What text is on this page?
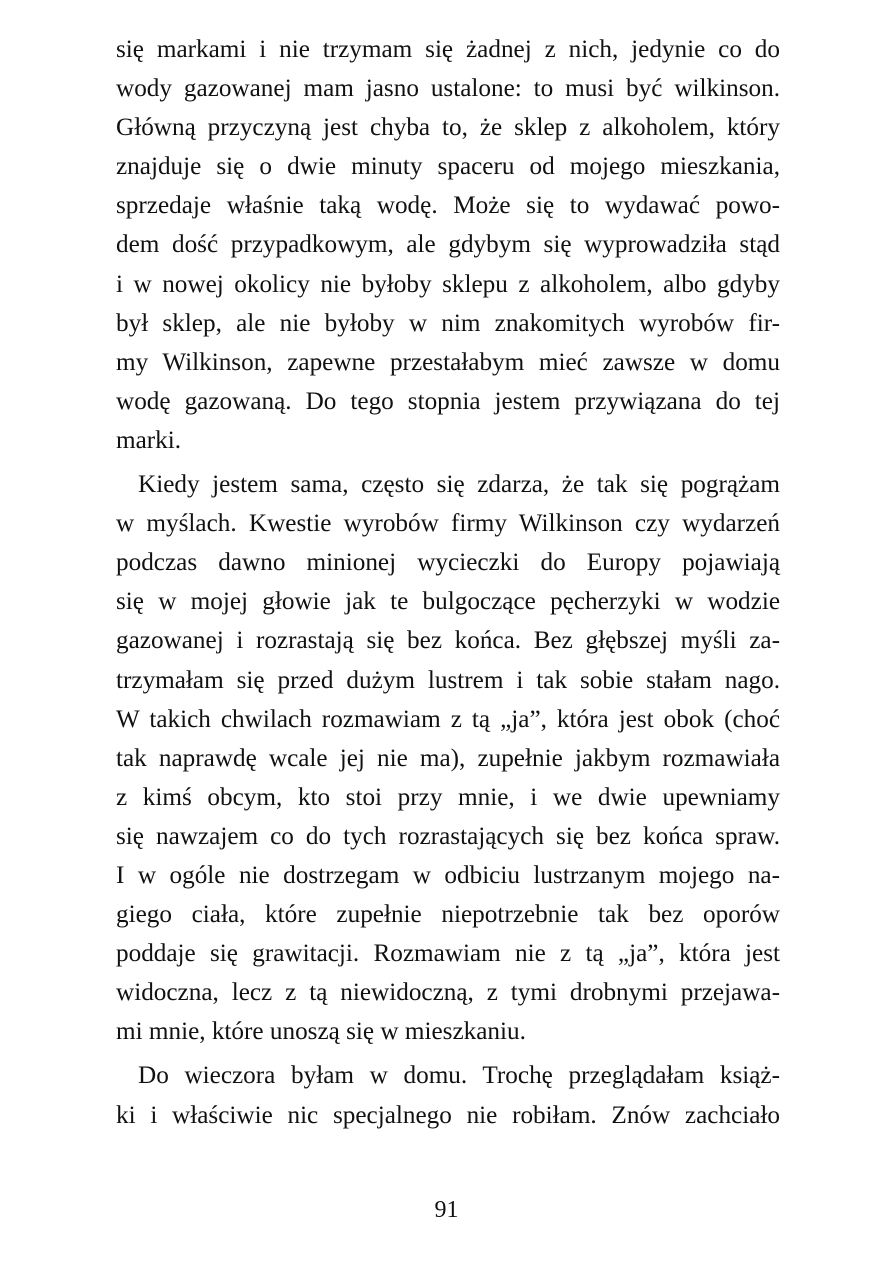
się markami i nie trzymam się żadnej z nich, jedynie co do
wody gazowanej mam jasno ustalone: to musi być wilkinson.
Główną przyczyną jest chyba to, że sklep z alkoholem, który
znajduje się o dwie minuty spaceru od mojego mieszkania,
sprzedaje właśnie taką wodę. Może się to wydawać powo-
dem dość przypadkowym, ale gdybym się wyprowadziła stąd
i w nowej okolicy nie byłoby sklepu z alkoholem, albo gdyby
był sklep, ale nie byłoby w nim znakomitych wyrobów fir-
my Wilkinson, zapewne przestałabym mieć zawsze w domu
wodę gazowaną. Do tego stopnia jestem przywiązana do tej
marki.
Kiedy jestem sama, często się zdarza, że tak się pogrążam
w myślach. Kwestie wyrobów firmy Wilkinson czy wydarzeń
podczas dawno minionej wycieczki do Europy pojawiają
się w mojej głowie jak te bulgoczące pęcherzyki w wodzie
gazowanej i rozrastają się bez końca. Bez głębszej myśli za-
trzymałam się przed dużym lustrem i tak sobie stałam nago.
W takich chwilach rozmawiam z tą „ja”, która jest obok (choć
tak naprawdę wcale jej nie ma), zupełnie jakbym rozmawiała
z kimś obcym, kto stoi przy mnie, i we dwie upewniamy
się nawzajem co do tych rozrastających się bez końca spraw.
I w ogóle nie dostrzegam w odbiciu lustrzanym mojego na-
giego ciała, które zupełnie niepotrzebnie tak bez oporów
poddaje się grawitacji. Rozmawiam nie z tą „ja”, która jest
widoczna, lecz z tą niewidoczną, z tymi drobnymi przejawa-
mi mnie, które unoszą się w mieszkaniu.
Do wieczora byłam w domu. Trochę przeglądałam książ-
ki i właściwie nic specjalnego nie robiłam. Znów zachciało
91
